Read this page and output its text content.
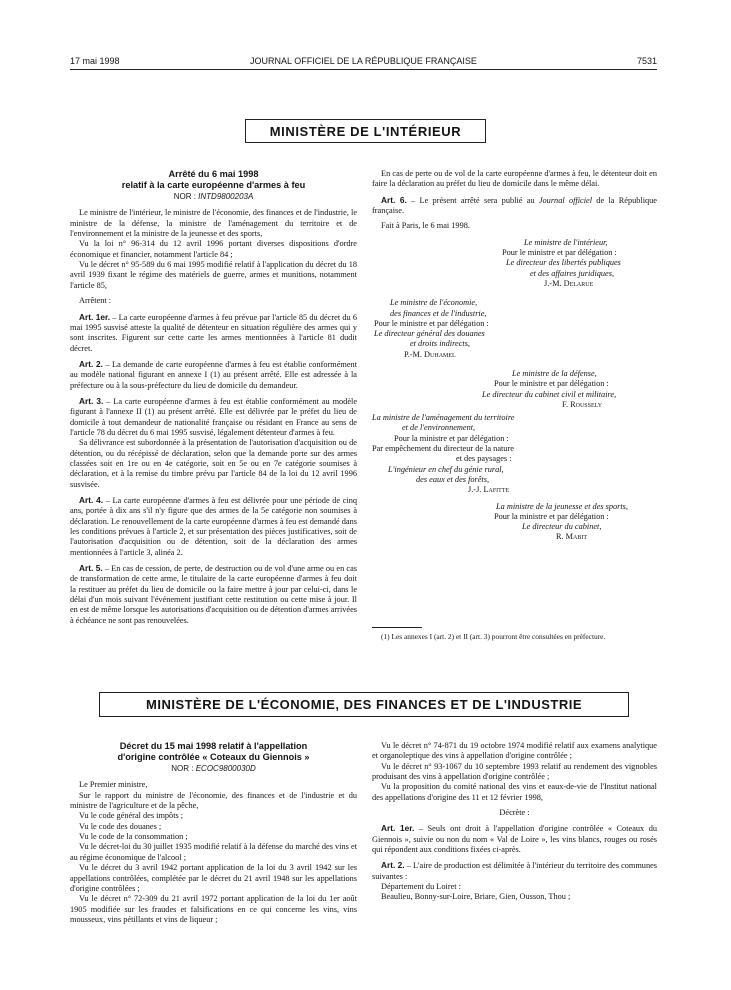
17 mai 1998	JOURNAL OFFICIEL DE LA RÉPUBLIQUE FRANÇAISE	7531
MINISTÈRE DE L'INTÉRIEUR
Arrêté du 6 mai 1998
relatif à la carte européenne d'armes à feu
NOR : INTD9800203A

Le ministre de l'intérieur, le ministre de l'économie, des finances et de l'industrie, le ministre de la défense, la ministre de l'aménagement du territoire et de l'environnement et la ministre de la jeunesse et des sports,

Vu la loi n° 96-314 du 12 avril 1996 portant diverses dispositions d'ordre économique et financier, notamment l'article 84 ;

Vu le décret n° 95-589 du 6 mai 1995 modifié relatif à l'application du décret du 18 avril 1939 fixant le régime des matériels de guerre, armes et munitions, notamment l'article 85,

Arrêtent :

Art. 1er. – La carte européenne d'armes à feu prévue par l'article 85 du décret du 6 mai 1995 susvisé atteste la qualité de détenteur en situation régulière des armes qui y sont inscrites. Figurent sur cette carte les armes mentionnées à l'article 81 dudit décret.

Art. 2. – La demande de carte européenne d'armes à feu est établie conformément au modèle national figurant en annexe I (1) au présent arrêté. Elle est adressée à la préfecture ou à la sous-préfecture du lieu de domicile du demandeur.

Art. 3. – La carte européenne d'armes à feu est établie conformément au modèle figurant à l'annexe II (1) au présent arrêté. Elle est délivrée par le préfet du lieu de domicile à tout demandeur de nationalité française ou résidant en France au sens de l'article 78 du décret du 6 mai 1995 susvisé, légalement détenteur d'armes à feu.

Sa délivrance est subordonnée à la présentation de l'autorisation d'acquisition ou de détention, ou du récépissé de déclaration, selon que la demande porte sur des armes classées soit en 1re ou en 4e catégorie, soit en 5e ou en 7e catégorie soumises à déclaration, et à la remise du timbre prévu par l'article 84 de la loi du 12 avril 1996 susvisée.

Art. 4. – La carte européenne d'armes à feu est délivrée pour une période de cinq ans, portée à dix ans s'il n'y figure que des armes de la 5e catégorie non soumises à déclaration. Le renouvellement de la carte européenne d'armes à feu est demandé dans les conditions prévues à l'article 2, et sur présentation des pièces justificatives, soit de l'autorisation d'acquisition ou de détention, soit de la déclaration des armes mentionnées à l'article 3, alinéa 2.

Art. 5. – En cas de cession, de perte, de destruction ou de vol d'une arme ou en cas de transformation de cette arme, le titulaire de la carte européenne d'armes à feu doit la restituer au préfet du lieu de domicile ou la faire mettre à jour par celui-ci, dans le délai d'un mois suivant l'événement justifiant cette restitution ou cette mise à jour. Il en est de même lorsque les autorisations d'acquisition ou de détention d'armes arrivées à échéance ne sont pas renouvelées.

En cas de perte ou de vol de la carte européenne d'armes à feu, le détenteur doit en faire la déclaration au préfet du lieu de domicile dans le même délai.

Art. 6. – Le présent arrêté sera publié au Journal officiel de la République française.

Fait à Paris, le 6 mai 1998.

Le ministre de l'intérieur,
Pour le ministre et par délégation :
Le directeur des libertés publiques
et des affaires juridiques,
J.-M. Delarue
Le ministre de l'économie,
des finances et de l'industrie,
Pour le ministre et par délégation :
Le directeur général des douanes
et droits indirects,
P.-M. Duhamel
Le ministre de la défense,
Pour le ministre et par délégation :
Le directeur du cabinet civil et militaire,
F. Roussely
La ministre de l'aménagement du territoire
et de l'environnement,
Pour la ministre et par délégation :
Par empêchement du directeur de la nature
et des paysages :
L'ingénieur en chef du génie rural,
des eaux et des forêts,
J.-J. Lafitte
La ministre de la jeunesse et des sports,
Pour la ministre et par délégation :
Le directeur du cabinet,
R. Mabit

(1) Les annexes I (art. 2) et II (art. 3) pourront être consultées en préfecture.

MINISTÈRE DE L'ÉCONOMIE, DES FINANCES ET DE L'INDUSTRIE
Décret du 15 mai 1998 relatif à l'appellation
d'origine contrôlée « Coteaux du Giennois »
NOR : ECOC9800030D

Le Premier ministre,

Sur le rapport du ministre de l'économie, des finances et de l'industrie et du ministre de l'agriculture et de la pêche,

Vu le code général des impôts ;

Vu le code des douanes ;

Vu le code de la consommation ;

Vu le décret-loi du 30 juillet 1935 modifié relatif à la défense du marché des vins et au régime économique de l'alcool ;

Vu le décret du 3 avril 1942 portant application de la loi du 3 avril 1942 sur les appellations contrôlées, complétée par le décret du 21 avril 1948 sur les appellations d'origine contrôlées ;

Vu le décret n° 72-309 du 21 avril 1972 portant application de la loi du 1er août 1905 modifiée sur les fraudes et falsifications en ce qui concerne les vins, vins mousseux, vins pétillants et vins de liqueur ;

Vu le décret n° 74-871 du 19 octobre 1974 modifié relatif aux examens analytique et organoleptique des vins à appellation d'origine contrôlée ;

Vu le décret n° 93-1067 du 10 septembre 1993 relatif au rendement des vignobles produisant des vins à appellation d'origine contrôlée ;

Vu la proposition du comité national des vins et eaux-de-vie de l'Institut national des appellations d'origine des 11 et 12 février 1998,

Décrète :

Art. 1er. – Seuls ont droit à l'appellation d'origine contrôlée « Coteaux du Giennois », suivie ou non du nom « Val de Loire », les vins blancs, rouges ou rosés qui répondent aux conditions fixées ci-après.

Art. 2. – L'aire de production est délimitée à l'intérieur du territoire des communes suivantes :

Département du Loiret :

Beaulieu, Bonny-sur-Loire, Briare, Gien, Ousson, Thou ;
